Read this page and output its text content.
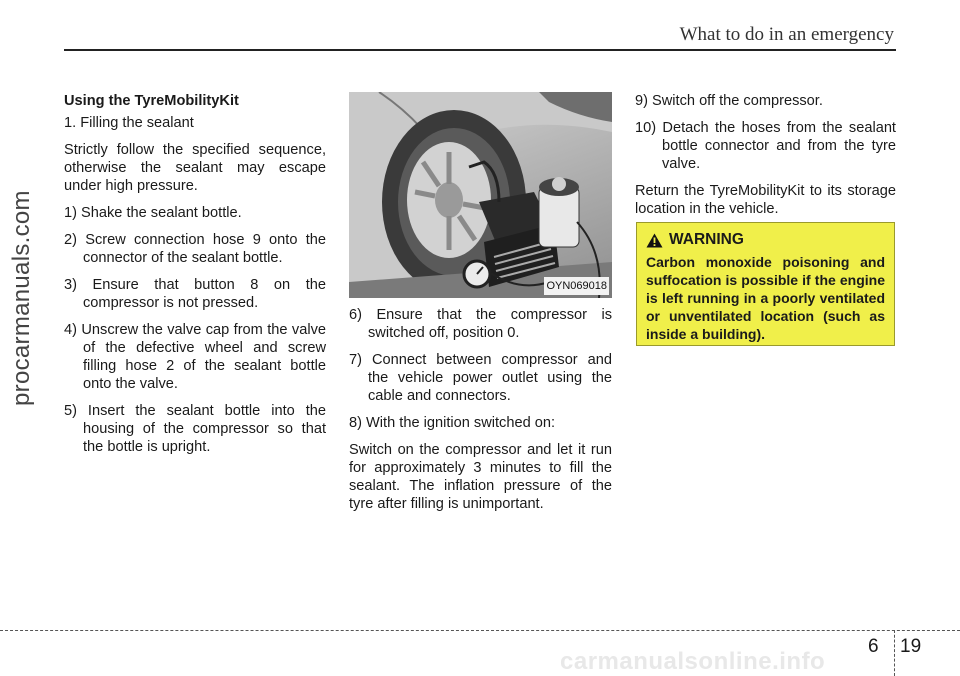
What to do in an emergency
procarmanuals.com

Using the TyreMobilityKit

1. Filling the sealant

Strictly follow the specified sequence, otherwise the sealant may escape under high pressure.

1) Shake the sealant bottle.

2) Screw connection hose 9 onto the connector of the sealant bottle.

3) Ensure that button 8 on the compressor is not pressed.

4) Unscrew the valve cap from the valve of the defective wheel and screw filling hose 2 of the sealant bottle onto the valve.

5) Insert the sealant bottle into the housing of the compressor so that the bottle is upright.

OYN069018

6) Ensure that the compressor is switched off, position 0.

7) Connect between compressor and the vehicle power outlet using the cable and connectors.

8) With the ignition switched on:

Switch on the compressor and let it run for approximately 3 minutes to fill the sealant. The inflation pressure of the tyre after filling is unimportant.

9) Switch off the compressor.

10) Detach the hoses from the sealant bottle connector and from the tyre valve.

Return the TyreMobilityKit to its storage location in the vehicle.

WARNING
Carbon monoxide poisoning and suffocation is possible if the engine is left running in a poorly ventilated or unventilated location (such as inside a building).
6 19
carmanualsonline.info
